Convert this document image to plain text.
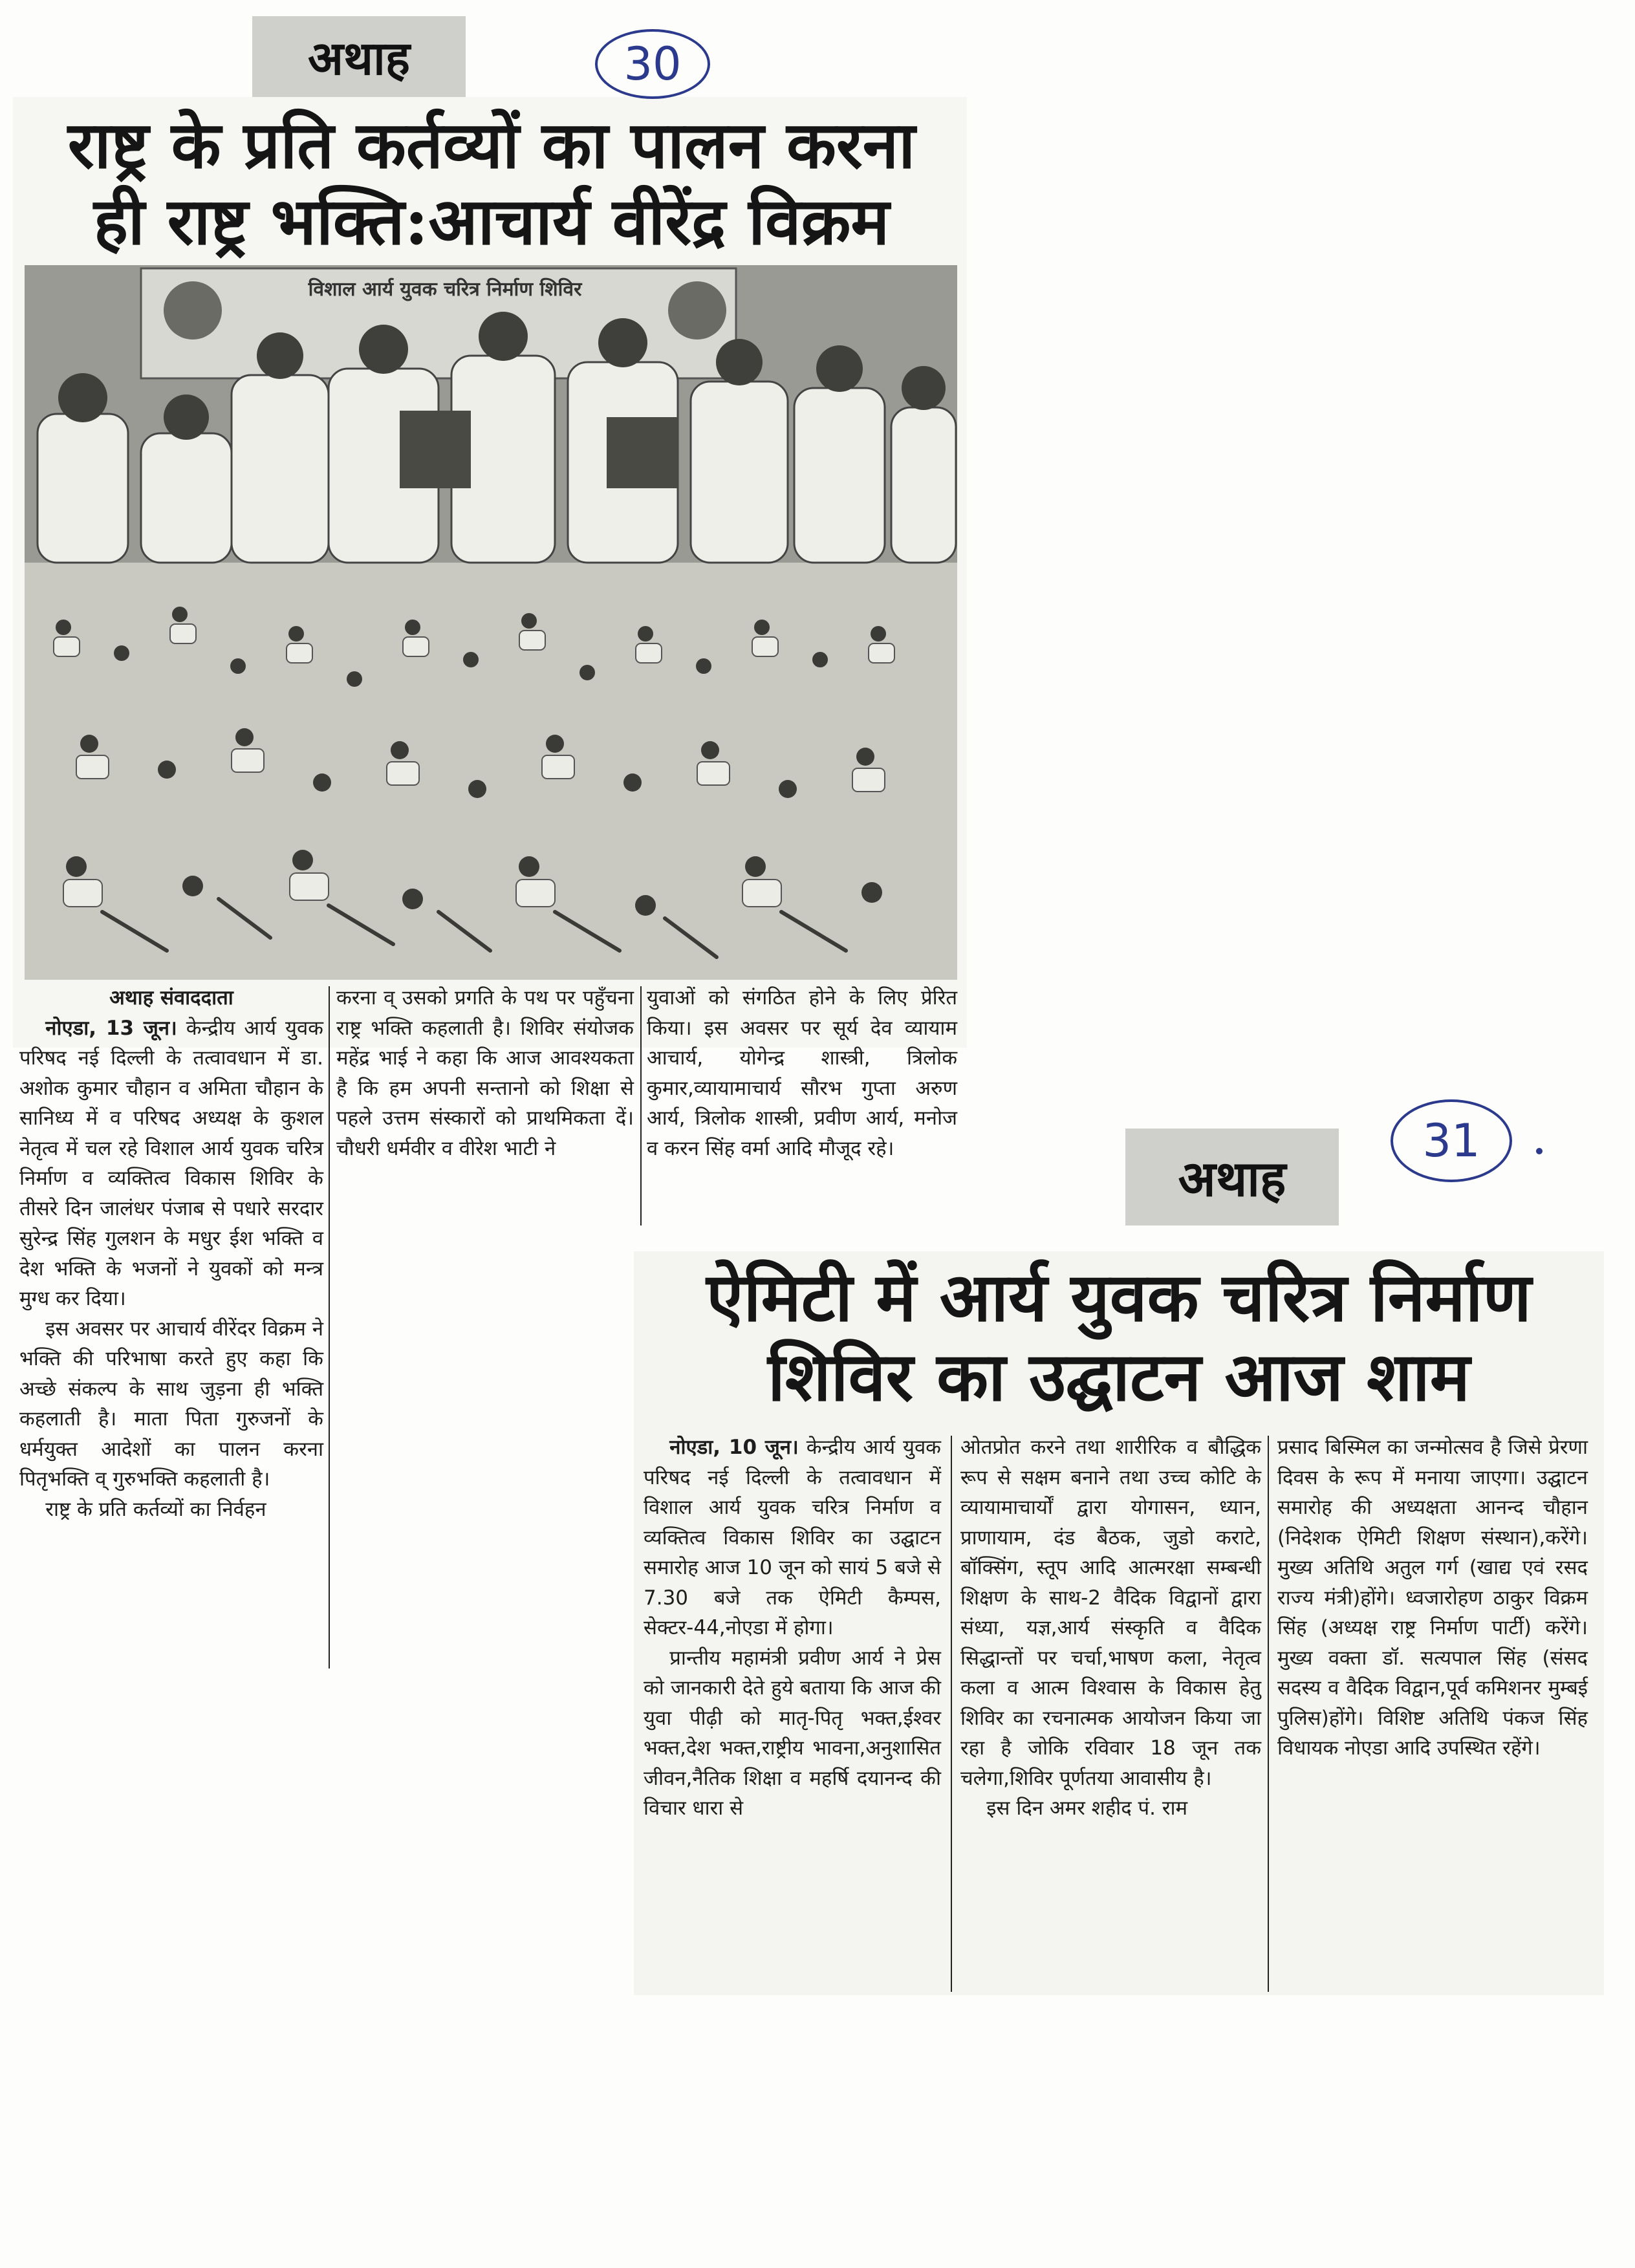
अथाह	30
राष्ट्र के प्रति कर्तव्यों का पालन करना
ही राष्ट्र भक्ति:आचार्य वीरेंद्र विक्रम
विशाल आर्य युवक चरित्र निर्माण शिविर

अथाह संवाददाता

नोएडा, 13 जून। केन्द्रीय आर्य युवक परिषद नई दिल्ली के तत्वावधान में डा. अशोक कुमार चौहान व अमिता चौहान के सानिध्य में व परिषद अध्यक्ष के कुशल नेतृत्व में चल रहे विशाल आर्य युवक चरित्र निर्माण व व्यक्तित्व विकास शिविर के तीसरे दिन जालंधर पंजाब से पधारे सरदार सुरेन्द्र सिंह गुलशन के मधुर ईश भक्ति व देश भक्ति के भजनों ने युवकों को मन्त्र मुग्ध कर दिया।

इस अवसर पर आचार्य वीरेंदर विक्रम ने भक्ति की परिभाषा करते हुए कहा कि अच्छे संकल्प के साथ जुड़ना ही भक्ति कहलाती है। माता पिता गुरुजनों के धर्मयुक्त आदेशों का पालन करना पितृभक्ति व् गुरुभक्ति कहलाती है।

राष्ट्र के प्रति कर्तव्यों का निर्वहन

करना व् उसको प्रगति के पथ पर पहुँचना राष्ट्र भक्ति कहलाती है। शिविर संयोजक महेंद्र भाई ने कहा कि आज आवश्यकता है कि हम अपनी सन्तानो को शिक्षा से पहले उत्तम संस्कारों को प्राथमिकता दें। चौधरी धर्मवीर व वीरेश भाटी ने

युवाओं को संगठित होने के लिए प्रेरित किया। इस अवसर पर सूर्य देव व्यायाम आचार्य, योगेन्द्र शास्त्री, त्रिलोक कुमार,व्यायामाचार्य सौरभ गुप्ता अरुण आर्य, त्रिलोक शास्त्री, प्रवीण आर्य, मनोज व करन सिंह वर्मा आदि मौजूद रहे।

अथाह
31
ऐमिटी में आर्य युवक चरित्र निर्माण
शिविर का उद्घाटन आज शाम

नोएडा, 10 जून। केन्द्रीय आर्य युवक परिषद नई दिल्ली के तत्वावधान में विशाल आर्य युवक चरित्र निर्माण व व्यक्तित्व विकास शिविर का उद्घाटन समारोह आज 10 जून को सायं 5 बजे से 7.30 बजे तक ऐमिटी कैम्पस, सेक्टर-44,नोएडा में होगा।

प्रान्तीय महामंत्री प्रवीण आर्य ने प्रेस को जानकारी देते हुये बताया कि आज की युवा पीढ़ी को मातृ-पितृ भक्त,ईश्वर भक्त,देश भक्त,राष्ट्रीय भावना,अनुशासित जीवन,नैतिक शिक्षा व महर्षि दयानन्द की विचार धारा से

ओतप्रोत करने तथा शारीरिक व बौद्धिक रूप से सक्षम बनाने तथा उच्च कोटि के व्यायामाचार्यों द्वारा योगासन, ध्यान, प्राणायाम, दंड बैठक, जुडो कराटे, बॉक्सिंग, स्तूप आदि आत्मरक्षा सम्बन्धी शिक्षण के साथ-2 वैदिक विद्वानों द्वारा संध्या, यज्ञ,आर्य संस्कृति व वैदिक सिद्धान्तों पर चर्चा,भाषण कला, नेतृत्व कला व आत्म विश्वास के विकास हेतु शिविर का रचनात्मक आयोजन किया जा रहा है जोकि रविवार 18 जून तक चलेगा,शिविर पूर्णतया आवासीय है।

इस दिन अमर शहीद पं. राम

प्रसाद बिस्मिल का जन्मोत्सव है जिसे प्रेरणा दिवस के रूप में मनाया जाएगा। उद्घाटन समारोह की अध्यक्षता आनन्द चौहान (निदेशक ऐमिटी शिक्षण संस्थान),करेंगे। मुख्य अतिथि अतुल गर्ग (खाद्य एवं रसद राज्य मंत्री)होंगे। ध्वजारोहण ठाकुर विक्रम सिंह (अध्यक्ष राष्ट्र निर्माण पार्टी) करेंगे। मुख्य वक्ता डॉ. सत्यपाल सिंह (संसद सदस्य व वैदिक विद्वान,पूर्व कमिशनर मुम्बई पुलिस)होंगे। विशिष्ट अतिथि पंकज सिंह विधायक नोएडा आदि उपस्थित रहेंगे।
